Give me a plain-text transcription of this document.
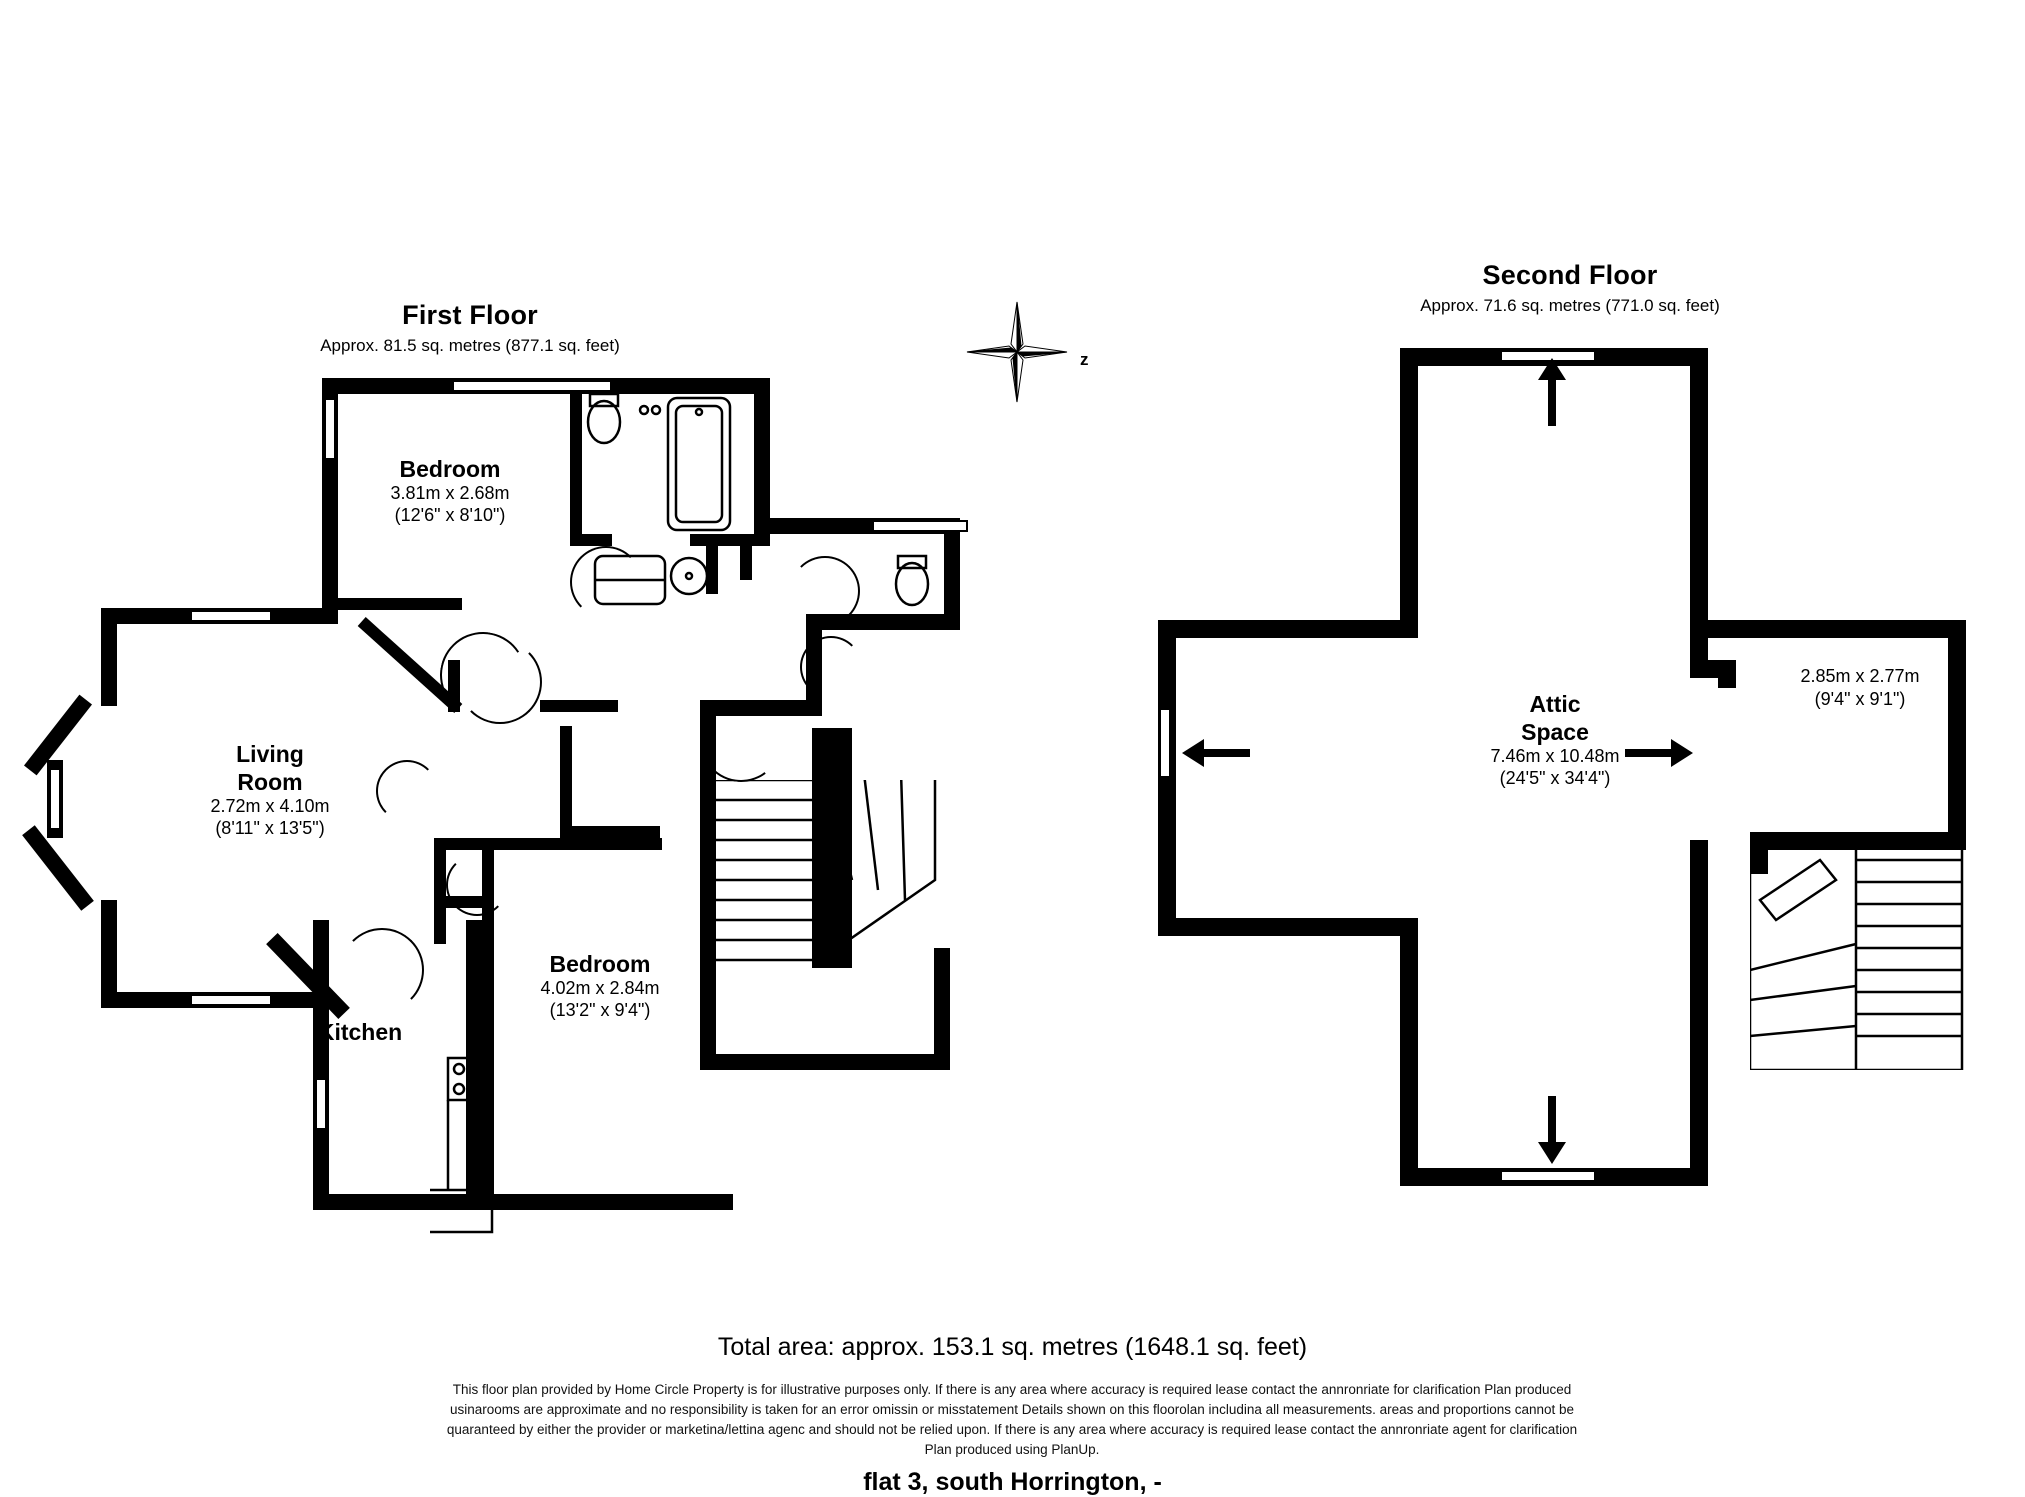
First Floor
Approx. 81.5 sq. metres (877.1 sq. feet)
Bedroom
3.81m x 2.68m
(12'6" x 8'10")
Living
Room
2.72m x 4.10m
(8'11" x 13'5")
Kitchen
Bedroom
4.02m x 2.84m
(13'2" x 9'4")
z
Second Floor
Approx. 71.6 sq. metres (771.0 sq. feet)
Attic
Space
7.46m x 10.48m
(24'5" x 34'4")
2.85m x 2.77m
(9'4" x 9'1")
Total area: approx. 153.1 sq. metres (1648.1 sq. feet)
This floor plan provided by Home Circle Property is for illustrative purposes only. If there is any area where accuracy is required lease contact the annronriate for clarification Plan produced
usinarooms are approximate and no responsibility is taken for an error omissin or misstatement Details shown on this floorolan includina all measurements. areas and proportions cannot be
quaranteed by either the provider or marketina/lettina agenc and should not be relied upon. If there is any area where accuracy is required lease contact the annronriate agent for clarification
Plan produced using PlanUp.
flat 3, south Horrington, -
